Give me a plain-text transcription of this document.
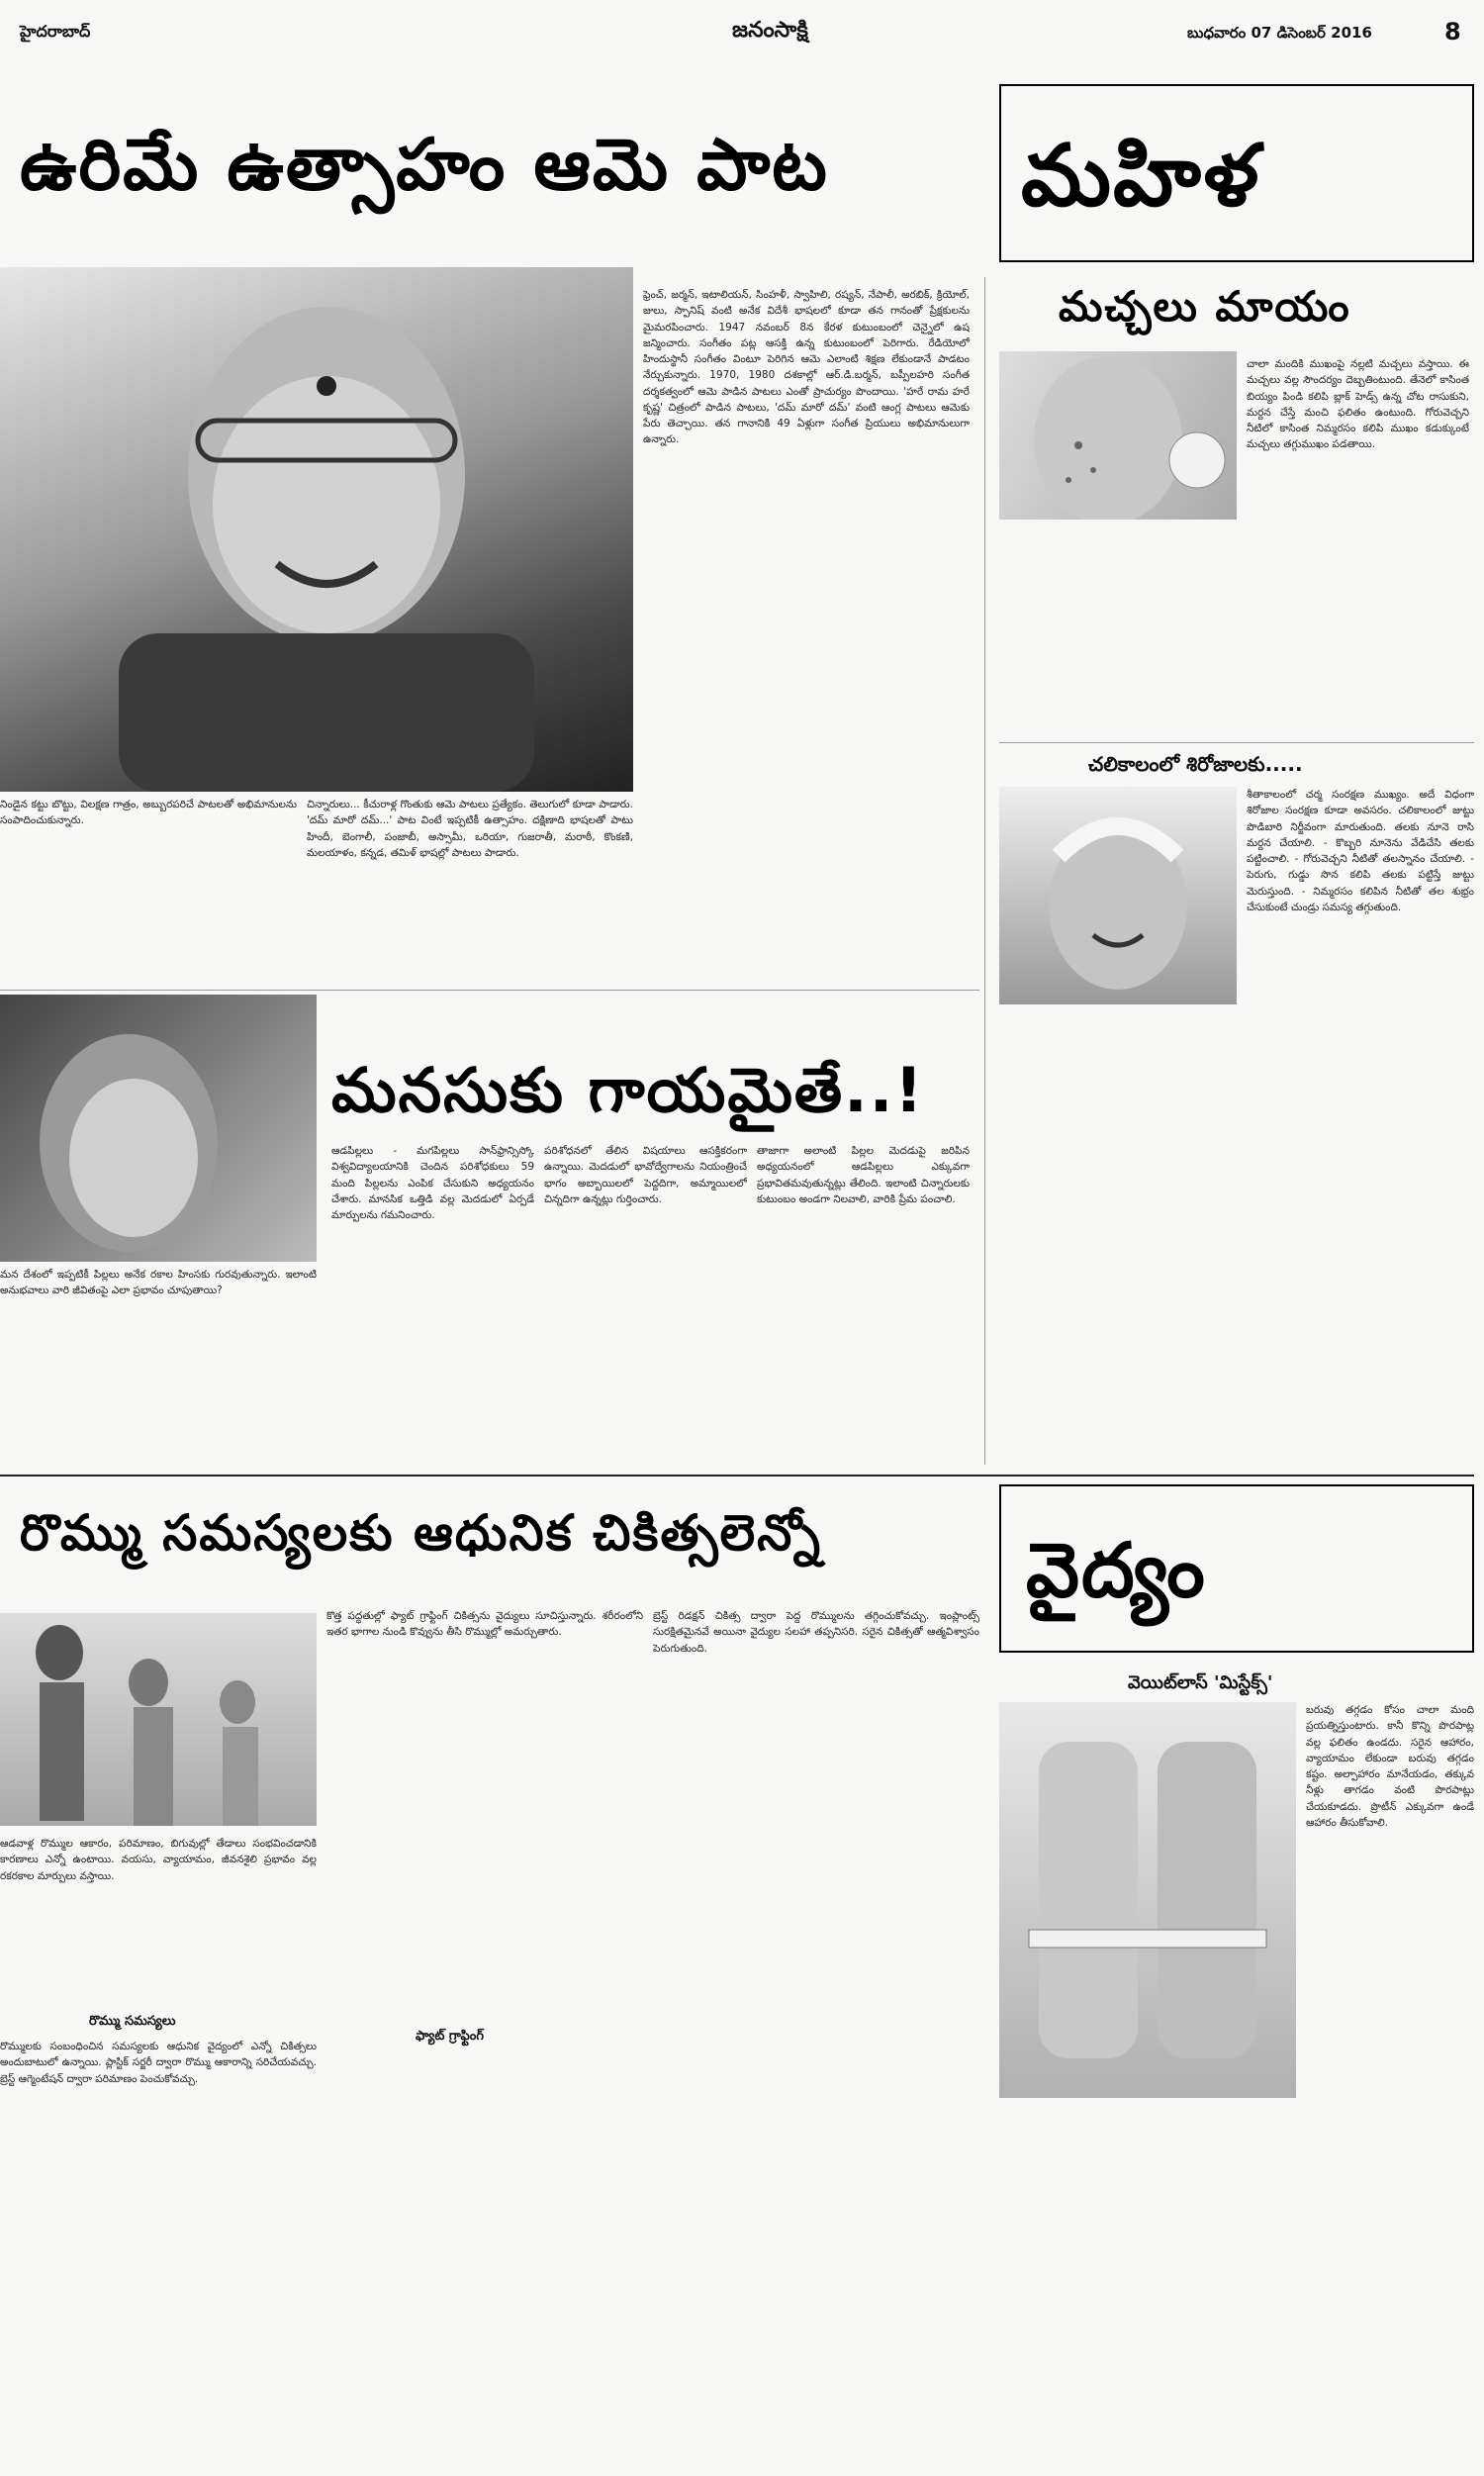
హైదరాబాద్	జనంసాక్షి	బుధవారం 07 డిసెంబర్ 2016	8
ఉరిమే ఉత్సాహం ఆమె పాట మహిళ
నిండైన కట్టు బొట్టు, విలక్షణ గాత్రం, అబ్బురపరిచే పాటలతో అభిమానులను సంపాదించుకున్నారు.
చిన్నారులు... కీచురాళ్ల గొంతుకు ఆమె పాటలు ప్రత్యేకం. తెలుగులో కూడా పాడారు. 'దమ్ మారో దమ్...' పాట వింటే ఇప్పటికీ ఉత్సాహం. దక్షిణాది భాషలతో పాటు హిందీ, బెంగాలీ, పంజాబీ, అస్సామీ, ఒరియా, గుజరాతీ, మరాఠీ, కొంకణి, మలయాళం, కన్నడ, తమిళ్ భాషల్లో పాటలు పాడారు.
ఫ్రెంచ్, జర్మన్, ఇటాలియన్, సింహళీ, స్వాహిలి, రష్యన్, నేపాలీ, అరబిక్, క్రియోల్, జులు, స్పానిష్ వంటి అనేక విదేశీ భాషలలో కూడా తన గానంతో ప్రేక్షకులను మైమరపించారు. 1947 నవంబర్ 8న కేరళ కుటుంబంలో చెన్నైలో ఉష జన్మించారు. సంగీతం పట్ల ఆసక్తి ఉన్న కుటుంబంలో పెరిగారు. రేడియోలో హిందుస్థానీ సంగీతం వింటూ పెరిగిన ఆమె ఎలాంటి శిక్షణ లేకుండానే పాడటం నేర్చుకున్నారు. 1970, 1980 దశకాల్లో ఆర్.డి.బర్మన్, బప్పీలహరి సంగీత దర్శకత్వంలో ఆమె పాడిన పాటలు ఎంతో ప్రాచుర్యం పొందాయి. 'హరే రామ హరే కృష్ణ' చిత్రంలో పాడిన పాటలు, 'దమ్ మారో దమ్' వంటి ఆంగ్ల పాటలు ఆమెకు పేరు తెచ్చాయి. తన గానానికి 49 ఏళ్లుగా సంగీత ప్రియులు అభిమానులుగా ఉన్నారు.
మచ్చలు మాయం
చాలా మందికి ముఖంపై నల్లటి మచ్చలు వస్తాయి. ఈ మచ్చలు వల్ల సౌందర్యం దెబ్బతింటుంది. తేనెలో కాసింత బియ్యం పిండి కలిపి బ్లాక్ హెడ్స్ ఉన్న చోట రాసుకుని, మర్దన చేస్తే మంచి ఫలితం ఉంటుంది. గోరువెచ్చని నీటిలో కాసింత నిమ్మరసం కలిపి ముఖం కడుక్కుంటే మచ్చలు తగ్గుముఖం పడతాయి.
చలికాలంలో శిరోజాలకు.....
శీతాకాలంలో చర్మ సంరక్షణ ముఖ్యం. అదే విధంగా శిరోజాల సంరక్షణ కూడా అవసరం. చలికాలంలో జుట్టు పొడిబారి నిర్జీవంగా మారుతుంది. తలకు నూనె రాసి మర్దన చేయాలి. - కొబ్బరి నూనెను వేడిచేసి తలకు పట్టించాలి. - గోరువెచ్చని నీటితో తలస్నానం చేయాలి. - పెరుగు, గుడ్డు సొన కలిపి తలకు పట్టిస్తే జుట్టు మెరుస్తుంది. - నిమ్మరసం కలిపిన నీటితో తల శుభ్రం చేసుకుంటే చుండ్రు సమస్య తగ్గుతుంది.
మనసుకు గాయమైతే..!
మన దేశంలో ఇప్పటికీ పిల్లలు అనేక రకాల హింసకు గురవుతున్నారు. ఇలాంటి అనుభవాలు వారి జీవితంపై ఎలా ప్రభావం చూపుతాయి?
ఆడపిల్లలు - మగపిల్లలు సాన్‌ఫ్రాన్సిస్కో విశ్వవిద్యాలయానికి చెందిన పరిశోధకులు 59 మంది పిల్లలను ఎంపిక చేసుకుని అధ్యయనం చేశారు. మానసిక ఒత్తిడి వల్ల మెదడులో ఏర్పడే మార్పులను గమనించారు.
పరిశోధనలో తేలిన విషయాలు ఆసక్తికరంగా ఉన్నాయి. మెదడులో భావోద్వేగాలను నియంత్రించే భాగం అబ్బాయిలలో పెద్దదిగా, అమ్మాయిలలో చిన్నదిగా ఉన్నట్లు గుర్తించారు.
తాజాగా అలాంటి పిల్లల మెదడుపై జరిపిన అధ్యయనంలో ఆడపిల్లలు ఎక్కువగా ప్రభావితమవుతున్నట్లు తేలింది. ఇలాంటి చిన్నారులకు కుటుంబం అండగా నిలవాలి, వారికి ప్రేమ పంచాలి.
రొమ్ము సమస్యలకు ఆధునిక చికిత్సలెన్నో	వైద్యం
వెయిట్‌లాస్ 'మిస్టేక్స్'
ఆడవాళ్ల రొమ్ముల ఆకారం, పరిమాణం, బిగువుల్లో తేడాలు సంభవించడానికి కారణాలు ఎన్నో ఉంటాయి. వయసు, వ్యాయామం, జీవనశైలి ప్రభావం వల్ల రకరకాల మార్పులు వస్తాయి.
రొమ్ము సమస్యలు
రొమ్ములకు సంబంధించిన సమస్యలకు ఆధునిక వైద్యంలో ఎన్నో చికిత్సలు అందుబాటులో ఉన్నాయి. ప్లాస్టిక్ సర్జరీ ద్వారా రొమ్ము ఆకారాన్ని సరిచేయవచ్చు. బ్రెస్ట్ ఆగ్మెంటేషన్ ద్వారా పరిమాణం పెంచుకోవచ్చు.
కొత్త పద్ధతుల్లో ఫ్యాట్ గ్రాఫ్టింగ్ చికిత్సను వైద్యులు సూచిస్తున్నారు. శరీరంలోని ఇతర భాగాల నుండి కొవ్వును తీసి రొమ్ముల్లో అమర్చుతారు.
ఫ్యాట్ గ్రాఫ్టింగ్
బ్రెస్ట్ రిడక్షన్ చికిత్స ద్వారా పెద్ద రొమ్ములను తగ్గించుకోవచ్చు. ఇంప్లాంట్స్ సురక్షితమైనవే అయినా వైద్యుల సలహా తప్పనిసరి. సరైన చికిత్సతో ఆత్మవిశ్వాసం పెరుగుతుంది.
బరువు తగ్గడం కోసం చాలా మంది ప్రయత్నిస్తుంటారు. కానీ కొన్ని పొరపాట్ల వల్ల ఫలితం ఉండదు. సరైన ఆహారం, వ్యాయామం లేకుండా బరువు తగ్గడం కష్టం. అల్పాహారం మానేయడం, తక్కువ నీళ్లు తాగడం వంటి పొరపాట్లు చేయకూడదు. ప్రొటీన్ ఎక్కువగా ఉండే ఆహారం తీసుకోవాలి.
